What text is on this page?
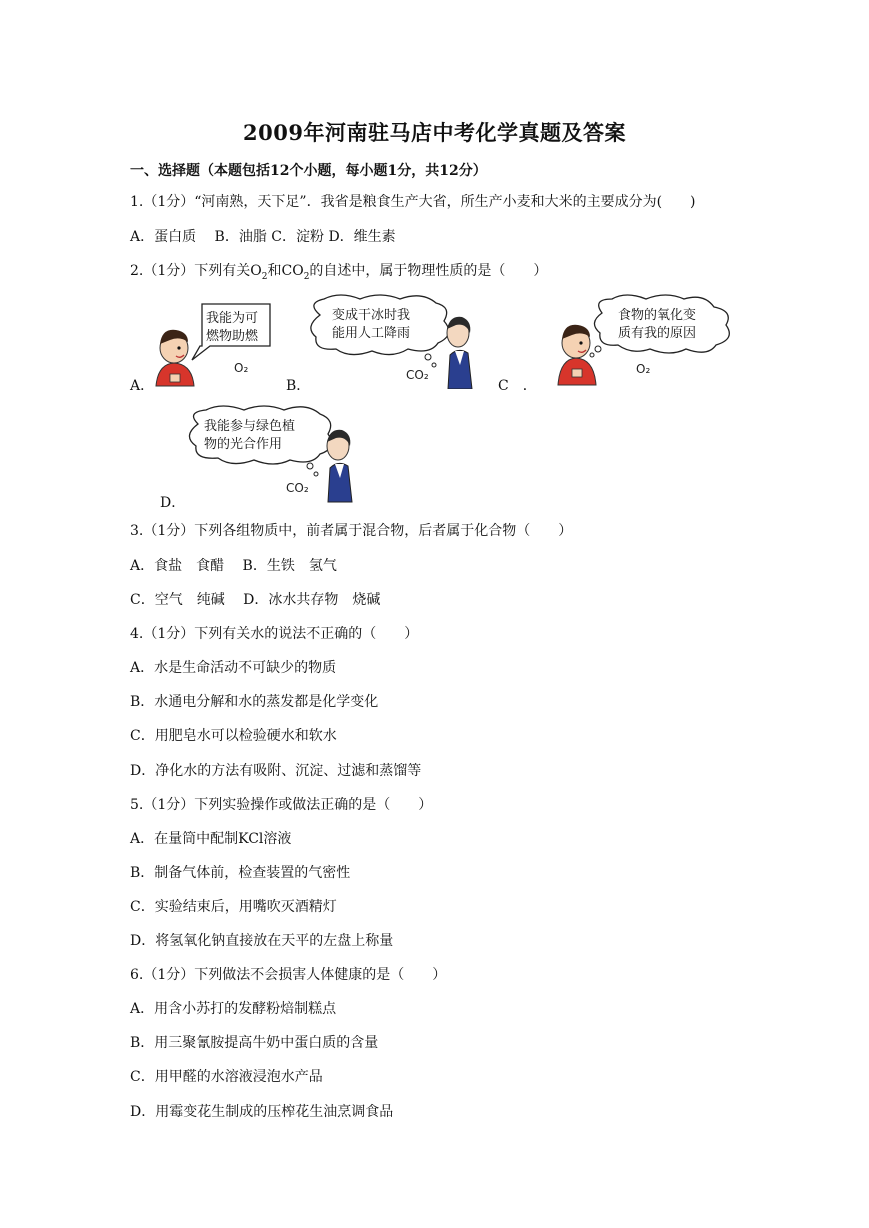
2009年河南驻马店中考化学真题及答案
一、选择题（本题包括12个小题，每小题1分，共12分）
1.（1分）“河南熟，天下足”．我省是粮食生产大省，所生产小麦和大米的主要成分为(　　)
A．蛋白质　 B．油脂 C．淀粉 D．维生素
2.（1分）下列有关$O_2$和$CO_2$的自述中，属于物理性质的是（　　）
A．
我能为可
燃物助燃
O₂
B．
变成干冰时我
能用人工降雨
CO₂
C　．
食物的氧化变
质有我的原因
O₂
我能参与绿色植
物的光合作用
CO₂
D．
3.（1分）下列各组物质中，前者属于混合物，后者属于化合物（　　）
A．食盐　食醋　 B．生铁　氢气
C．空气　纯碱　 D．冰水共存物　烧碱
4.（1分）下列有关水的说法不正确的（　　）
A．水是生命活动不可缺少的物质
B．水通电分解和水的蒸发都是化学变化
C．用肥皂水可以检验硬水和软水
D．净化水的方法有吸附、沉淀、过滤和蒸馏等
5.（1分）下列实验操作或做法正确的是（　　）
A．在量筒中配制KCl溶液
B．制备气体前，检查装置的气密性
C．实验结束后，用嘴吹灭酒精灯
D．将氢氧化钠直接放在天平的左盘上称量
6.（1分）下列做法不会损害人体健康的是（　　）
A．用含小苏打的发酵粉焙制糕点
B．用三聚氰胺提高牛奶中蛋白质的含量
C．用甲醛的水溶液浸泡水产品
D．用霉变花生制成的压榨花生油烹调食品
